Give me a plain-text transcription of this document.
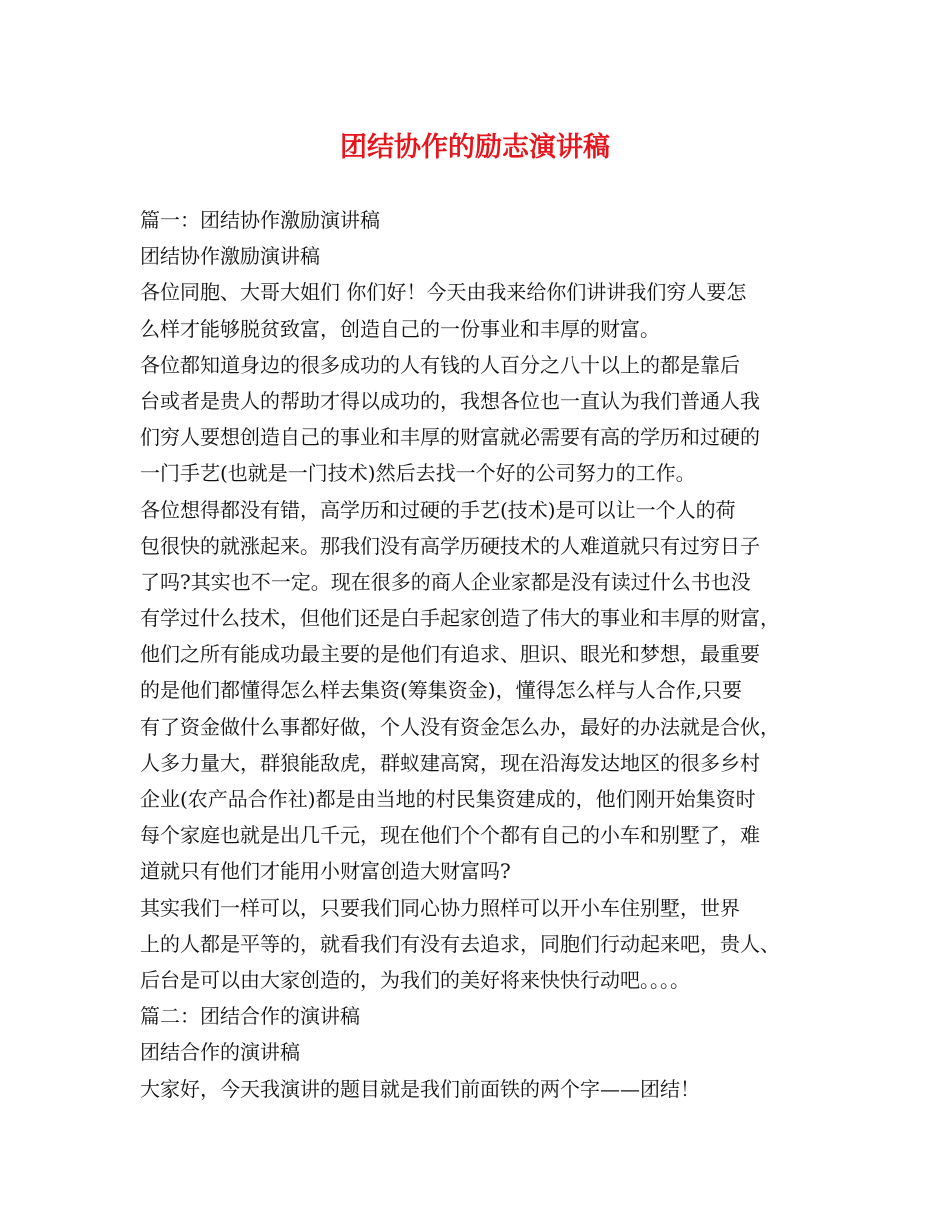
团结协作的励志演讲稿
篇一：团结协作激励演讲稿
团结协作激励演讲稿
各位同胞、大哥大姐们 你们好！今天由我来给你们讲讲我们穷人要怎
么样才能够脱贫致富，创造自己的一份事业和丰厚的财富。
各位都知道身边的很多成功的人有钱的人百分之八十以上的都是靠后
台或者是贵人的帮助才得以成功的，我想各位也一直认为我们普通人我
们穷人要想创造自己的事业和丰厚的财富就必需要有高的学历和过硬的
一门手艺(也就是一门技术)然后去找一个好的公司努力的工作。
各位想得都没有错，高学历和过硬的手艺(技术)是可以让一个人的荷
包很快的就涨起来。那我们没有高学历硬技术的人难道就只有过穷日子
了吗?其实也不一定。现在很多的商人企业家都是没有读过什么书也没
有学过什么技术，但他们还是白手起家创造了伟大的事业和丰厚的财富，
他们之所有能成功最主要的是他们有追求、胆识、眼光和梦想，最重要
的是他们都懂得怎么样去集资(筹集资金)，懂得怎么样与人合作,只要
有了资金做什么事都好做，个人没有资金怎么办，最好的办法就是合伙，
人多力量大，群狼能敌虎，群蚁建高窝，现在沿海发达地区的很多乡村
企业(农产品合作社)都是由当地的村民集资建成的，他们刚开始集资时
每个家庭也就是出几千元，现在他们个个都有自己的小车和别墅了，难
道就只有他们才能用小财富创造大财富吗?
其实我们一样可以，只要我们同心协力照样可以开小车住别墅，世界
上的人都是平等的，就看我们有没有去追求，同胞们行动起来吧，贵人、
后台是可以由大家创造的，为我们的美好将来快快行动吧。。。。
篇二：团结合作的演讲稿
团结合作的演讲稿
大家好，今天我演讲的题目就是我们前面铁的两个字——团结！
